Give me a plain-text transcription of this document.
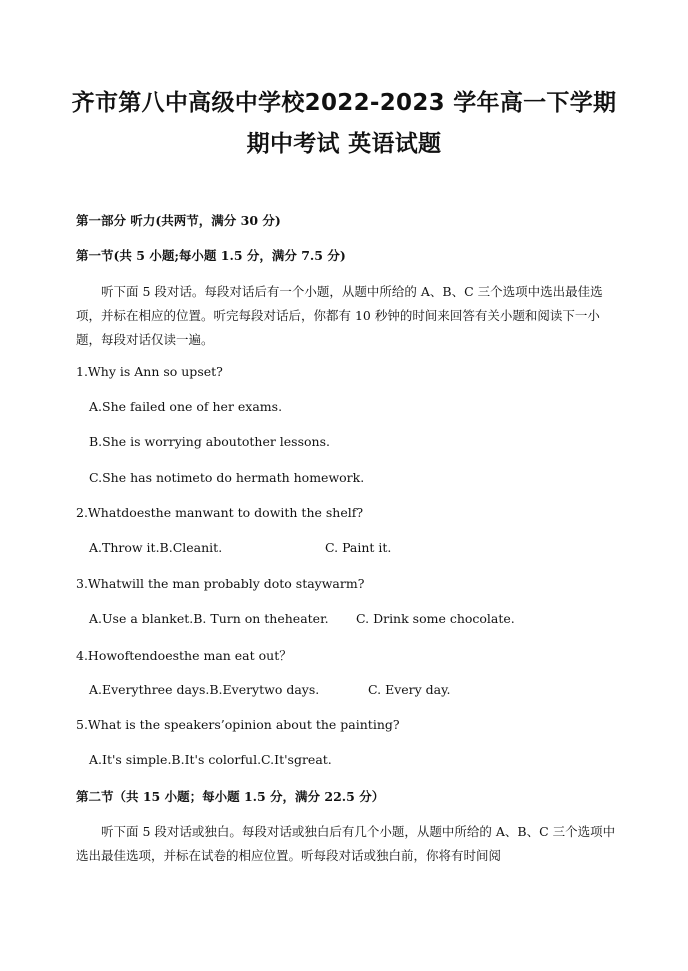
齐市第八中高级中学校2022-2023 学年高一下学期
期中考试 英语试题
第一部分 听力(共两节，满分 30 分)
第一节(共 5 小题;每小题 1.5 分，满分 7.5 分)
听下面 5 段对话。每段对话后有一个小题，从题中所给的 A、B、C 三个选项中选出最佳选项，并标在相应的位置。听完每段对话后，你都有 10 秒钟的时间来回答有关小题和阅读下一小题，每段对话仅读一遍。
1.Why is Ann so upset?
A.She failed one of her exams.
B.She is worrying aboutother lessons.
C.She has notimeto do hermath homework.
2.Whatdoesthe manwant to dowith the shelf?
A.Throw it.B.Cleanit.	C. Paint it.
3.Whatwill the man probably doto staywarm?
A.Use a blanket.B. Turn on theheater. C. Drink some chocolate.
4.Howoftendoesthe man eat out？
A.Everythree days.B.Everytwo days.	C. Every day.
5.What is the speakers’opinion about the painting?
A.It's simple.B.It's colorful.C.It'sgreat.
第二节（共 15 小题；每小题 1.5 分，满分 22.5 分）
听下面 5 段对话或独白。每段对话或独白后有几个小题，从题中所给的 A、B、C 三个选项中选出最佳选项，并标在试卷的相应位置。听每段对话或独白前，你将有时间阅
